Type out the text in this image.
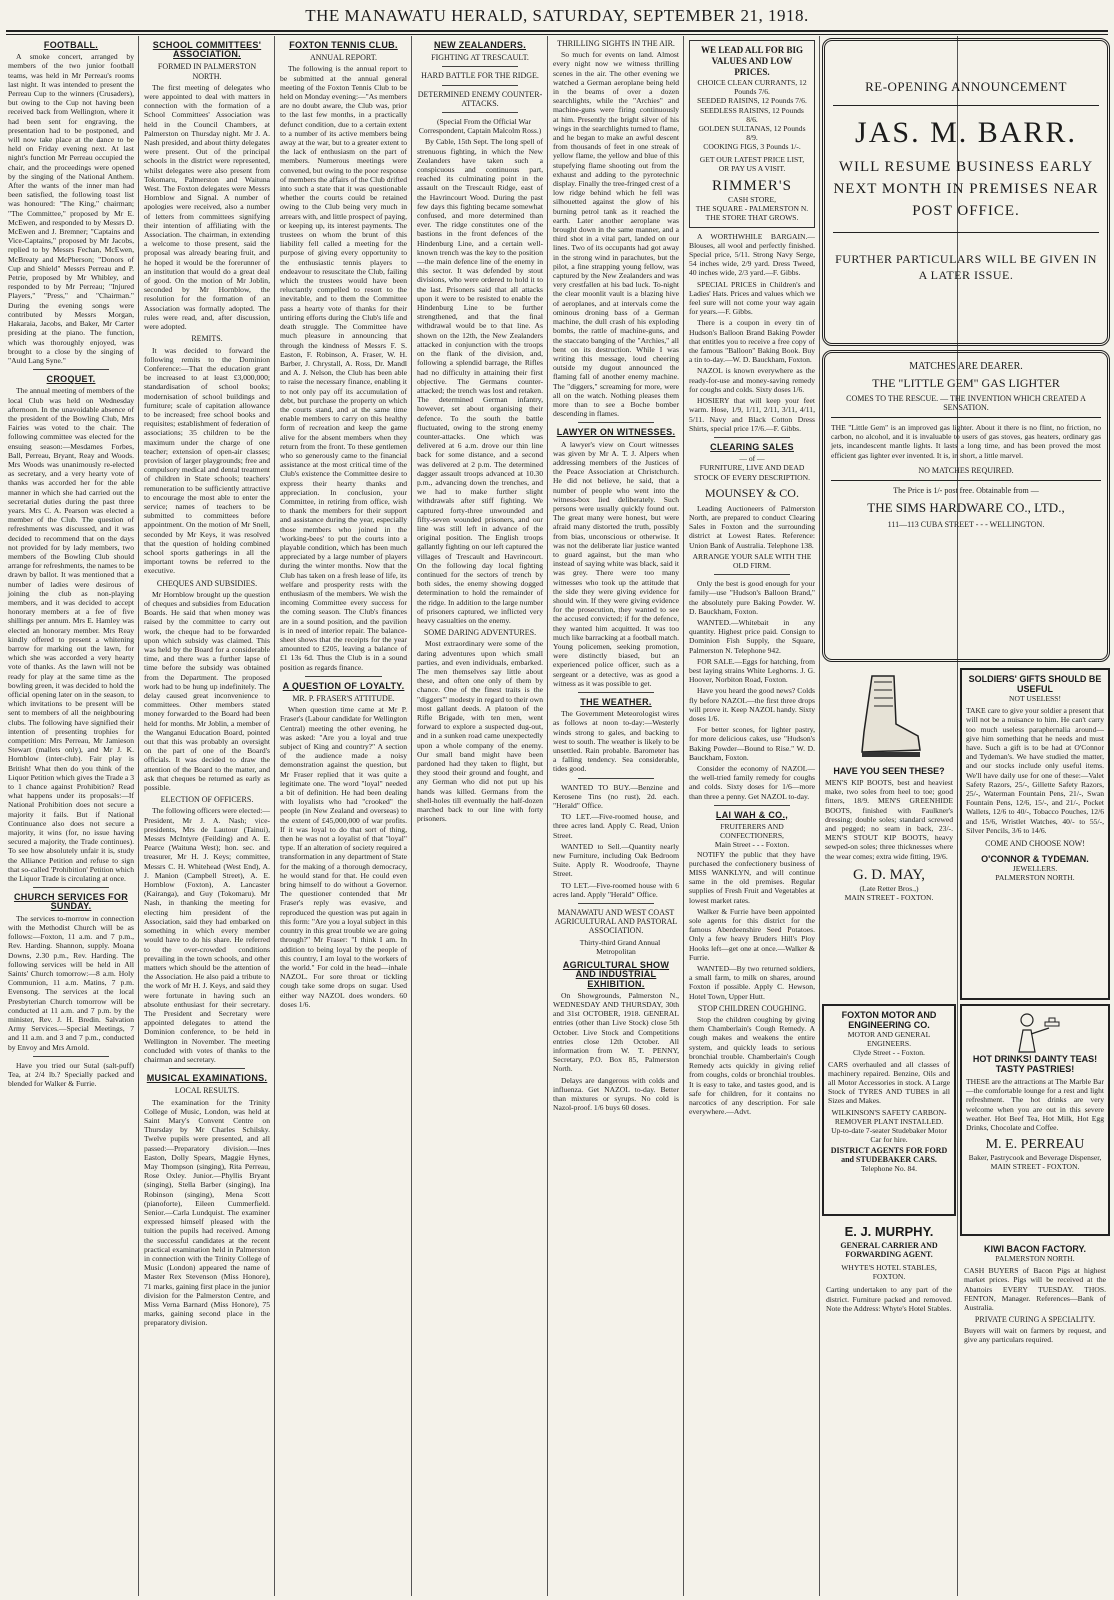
THE MANAWATU HERALD, SATURDAY, SEPTEMBER 21, 1918.
FOOTBALL.

A smoke concert, arranged by members of the two junior football teams, was held in Mr Perreau's rooms last night. It was intended to present the Perreau Cup to the winners (Crusaders), but owing to the Cup not having been received back from Wellington, where it had been sent for engraving, the presentation had to be postponed, and will now take place at the dance to be held on Friday evening next. At last night's function Mr Perreau occupied the chair, and the proceedings were opened by the singing of the National Anthem. After the wants of the inner man had been satisfied, the following toast list was honoured: "The King," chairman; "The Committee," proposed by Mr E. McEwen, and responded to by Messrs D. McEwen and J. Bremner; "Captains and Vice-Captains," proposed by Mr Jacobs, replied to by Messrs Fechan, McEwen, McBreaty and McPherson; "Donors of Cup and Shield" Messrs Perreau and P. Petrie, proposed by Mr Whibley, and responded to by Mr Perreau; "Injured Players," "Press," and "Chairman." During the evening songs were contributed by Messrs Morgan, Hakaraia, Jacobs, and Baker, Mr Carter presiding at the piano. The function, which was thoroughly enjoyed, was brought to a close by the singing of "Auld Lang Syne."

CROQUET.

The annual meeting of members of the local Club was held on Wednesday afternoon. In the unavoidable absence of the president of the Bowling Club, Mrs Fairies was voted to the chair. The following committee was elected for the ensuing season:—Mesdames Forbes, Ball, Perreau, Bryant, Reay and Woods. Mrs Woods was unanimously re-elected as secretary, and a very hearty vote of thanks was accorded her for the able manner in which she had carried out the secretarial duties during the past three years. Mrs C. A. Pearson was elected a member of the Club. The question of refreshments was discussed, and it was decided to recommend that on the days not provided for by lady members, two members of the Bowling Club should arrange for refreshments, the names to be drawn by ballot. It was mentioned that a number of ladies were desirous of joining the club as non-playing members, and it was decided to accept honorary members at a fee of five shillings per annum. Mrs E. Hamley was elected an honorary member. Mrs Reay kindly offered to present a whitening barrow for marking out the lawn, for which she was accorded a very hearty vote of thanks. As the lawn will not be ready for play at the same time as the bowling green, it was decided to hold the official opening later on in the season, to which invitations to be present will be sent to members of all the neighbouring clubs. The following have signified their intention of presenting trophies for competition: Mrs Perreau, Mr Jamieson Stewart (mallets only), and Mr J. K. Hornblow (inter-club). Fair play is British! What then do you think of the Liquor Petition which gives the Trade a 3 to 1 chance against Prohibition? Read what happens under its proposals:—If National Prohibition does not secure a majority it fails. But if National Continuance also does not secure a majority, it wins (for, no issue having secured a majority, the Trade continues). To see how absolutely unfair it is, study the Alliance Petition and refuse to sign that so-called 'Prohibition' Petition which the Liquor Trade is circulating at once.

CHURCH SERVICES FOR SUNDAY.

The services to-morrow in connection with the Methodist Church will be as follows:—Foxton, 11 a.m. and 7 p.m., Rev. Harding. Shannon, supply. Moana Downs, 2.30 p.m., Rev. Harding. The following services will be held in All Saints' Church tomorrow:—8 a.m. Holy Communion, 11 a.m. Matins, 7 p.m. Evensong. The services at the local Presbyterian Church tomorrow will be conducted at 11 a.m. and 7 p.m. by the minister, Rev. J. H. Bredin. Salvation Army Services.—Special Meetings, 7 and 11 a.m. and 3 and 7 p.m., conducted by Envoy and Mrs Arnold.

Have you tried our Sutal (salt-puff) Tea, at 2/4 lb.? Specially packed and blended for Walker & Furrie.

SCHOOL COMMITTEES' ASSOCIATION.
FORMED IN PALMERSTON NORTH.

The first meeting of delegates who were appointed to deal with matters in connection with the formation of a School Committees' Association was held in the Council Chambers, at Palmerston on Thursday night. Mr J. A. Nash presided, and about thirty delegates were present. Out of the principal schools in the district were represented, whilst delegates were also present from Tokomaru, Palmerston and Waituna West. The Foxton delegates were Messrs Hornblow and Signal. A number of apologies were received, also a number of letters from committees signifying their intention of affiliating with the Association. The chairman, in extending a welcome to those present, said the proposal was already bearing fruit, and he hoped it would be the forerunner of an institution that would do a great deal of good. On the motion of Mr Joblin, seconded by Mr Hornblow, the resolution for the formation of an Association was formally adopted. The rules were read, and, after discussion, were adopted.

REMITS.

It was decided to forward the following remits to the Dominion Conference:—That the education grant be increased to at least £3,000,000; standardisation of school books; modernisation of school buildings and furniture; scale of capitation allowance to be increased; free school books and requisites; establishment of federation of associations; 35 children to be the maximum under the charge of one teacher; extension of open-air classes; provision of larger playgrounds; free and compulsory medical and dental treatment of children in State schools; teachers' remuneration to be sufficiently attractive to encourage the most able to enter the service; names of teachers to be submitted to committees before appointment. On the motion of Mr Snell, seconded by Mr Keys, it was resolved that the question of holding combined school sports gatherings in all the important towns be referred to the executive.

CHEQUES AND SUBSIDIES.

Mr Hornblow brought up the question of cheques and subsidies from Education Boards. He said that when money was raised by the committee to carry out work, the cheque had to be forwarded upon which subsidy was claimed. This was held by the Board for a considerable time, and there was a further lapse of time before the subsidy was obtained from the Department. The proposed work had to be hung up indefinitely. The delay caused great inconvenience to committees. Other members stated money forwarded to the Board had been held for months. Mr Joblin, a member of the Wanganui Education Board, pointed out that this was probably an oversight on the part of one of the Board's officials. It was decided to draw the attention of the Board to the matter, and ask that cheques be returned as early as possible.

ELECTION OF OFFICERS.

The following officers were elected:—President, Mr J. A. Nash; vice-presidents, Mrs de Lautour (Tainui), Messrs McIntyre (Feilding) and A. E. Pearce (Waituna West); hon. sec. and treasurer, Mr H. J. Keys; committee, Messrs C. H. Whitehead (West End), A. J. Manion (Campbell Street), A. E. Hornblow (Foxton), A. Lancaster (Kairanga), and Guy (Tokomaru). Mr Nash, in thanking the meeting for electing him president of the Association, said they had embarked on something in which every member would have to do his share. He referred to the over-crowded conditions prevailing in the town schools, and other matters which should be the attention of the Association. He also paid a tribute to the work of Mr H. J. Keys, and said they were fortunate in having such an absolute enthusiast for their secretary. The President and Secretary were appointed delegates to attend the Dominion conference, to be held in Wellington in November. The meeting concluded with votes of thanks to the chairman and secretary.

MUSICAL EXAMINATIONS.
LOCAL RESULTS.

The examination for the Trinity College of Music, London, was held at Saint Mary's Convent Centre on Thursday by Mr Charles Schilsky. Twelve pupils were presented, and all passed:—Preparatory division.—Ines Easton, Dolly Spears, Maggie Hynes, May Thompson (singing), Rita Perreau, Rose Oxley. Junior.—Phyllis Bryant (singing), Stella Barber (singing), Ina Robinson (singing), Mena Scott (pianoforte), Eileen Cummerfield. Senior.—Carla Lundquist. The examiner expressed himself pleased with the tuition the pupils had received. Among the successful candidates at the recent practical examination held in Palmerston in connection with the Trinity College of Music (London) appeared the name of Master Rex Stevenson (Miss Honore), 71 marks, gaining first place in the junior division for the Palmerston Centre, and Miss Verna Barnard (Miss Honore), 75 marks, gaining second place in the preparatory division.

FOXTON TENNIS CLUB.
ANNUAL REPORT.

The following is the annual report to be submitted at the annual general meeting of the Foxton Tennis Club to be held on Monday evening:—"As members are no doubt aware, the Club was, prior to the last few months, in a practically defunct condition, due to a certain extent to a number of its active members being away at the war, but to a greater extent to the lack of enthusiasm on the part of members. Numerous meetings were convened, but owing to the poor response of members the affairs of the Club drifted into such a state that it was questionable whether the courts could be retained owing to the Club being very much in arrears with, and little prospect of paying, or keeping up, its interest payments. The trustees on whom the brunt of this liability fell called a meeting for the purpose of giving every opportunity to the enthusiastic tennis players to endeavour to resuscitate the Club, failing which the trustees would have been reluctantly compelled to resort to the inevitable, and to them the Committee pass a hearty vote of thanks for their untiring efforts during the Club's life and death struggle. The Committee have much pleasure in announcing that through the kindness of Messrs F. S. Easton, F. Robinson, A. Fraser, W. H. Barber, J. Chrystall, A. Ross, Dr. Mandl and A. J. Nelson, the Club has been able to raise the necessary finance, enabling it to not only pay off its accumulation of debt, but purchase the property on which the courts stand, and at the same time enable members to carry on this healthy form of recreation and keep the game alive for the absent members when they return from the front. To these gentlemen who so generously came to the financial assistance at the most critical time of the Club's existence the Committee desire to express their hearty thanks and appreciation. In conclusion, your Committee, in retiring from office, wish to thank the members for their support and assistance during the year, especially those members who joined in the 'working-bees' to put the courts into a playable condition, which has been much appreciated by a large number of players during the winter months. Now that the Club has taken on a fresh lease of life, its welfare and prosperity rests with the enthusiasm of the members. We wish the incoming Committee every success for the coming season. The Club's finances are in a sound position, and the pavilion is in need of interior repair. The balance-sheet shows that the receipts for the year amounted to £205, leaving a balance of £1 13s 6d. Thus the Club is in a sound position as regards finance.

A QUESTION OF LOYALTY.
MR. P. FRASER'S ATTITUDE.

When question time came at Mr P. Fraser's (Labour candidate for Wellington Central) meeting the other evening, he was asked: "Are you a loyal and true subject of King and country?" A section of the audience made a noisy demonstration against the question, but Mr Fraser replied that it was quite a legitimate one. The word "loyal" needed a bit of definition. He had been dealing with loyalists who had "crooked" the people (in New Zealand and overseas) to the extent of £45,000,000 of war profits. If it was loyal to do that sort of thing, then he was not a loyalist of that "loyal" type. If an alteration of society required a transformation in any department of State for the making of a thorough democracy, he would stand for that. He could even bring himself to do without a Governor. The questioner contended that Mr Fraser's reply was evasive, and reproduced the question was put again in this form: "Are you a loyal subject in this country in this great trouble we are going through?" Mr Fraser: "I think I am. In addition to being loyal by the people of this country, I am loyal to the workers of the world." For cold in the head—inhale NAZOL. For sore throat or tickling cough take some drops on sugar. Used either way NAZOL does wonders. 60 doses 1/6.

NEW ZEALANDERS.
FIGHTING AT TRESCAULT.
HARD BATTLE FOR THE RIDGE.
DETERMINED ENEMY COUNTER-ATTACKS.

(Special From the Official War Correspondent, Captain Malcolm Ross.)

By Cable, 15th Sept. The long spell of strenuous fighting, in which the New Zealanders have taken such a conspicuous and continuous part, reached its culminating point in the assault on the Trescault Ridge, east of the Havrincourt Wood. During the past few days this fighting became somewhat confused, and more determined than ever. The ridge constitutes one of the bastions in the front defences of the Hindenburg Line, and a certain well-known trench was the key to the position—the main defence line of the enemy in this sector. It was defended by stout divisions, who were ordered to hold it to the last. Prisoners said that all attacks upon it were to be resisted to enable the Hindenburg Line to be further strengthened, and that the final withdrawal would be to that line. As shown on the 12th, the New Zealanders attacked in conjunction with the troops on the flank of the division, and, following a splendid barrage, the Rifles had no difficulty in attaining their first objective. The Germans counter-attacked; the trench was lost and retaken. The determined German infantry, however, set about organising their defence. To the south the battle fluctuated, owing to the strong enemy counter-attacks. One which was delivered at 6 a.m. drove our thin line back for some distance, and a second was delivered at 2 p.m. The determined dagger assault troops advanced at 10.30 p.m., advancing down the trenches, and we had to make further slight withdrawals after stiff fighting. We captured forty-three unwounded and fifty-seven wounded prisoners, and our line was still left in advance of the original position. The English troops gallantly fighting on our left captured the villages of Trescault and Havrincourt. On the following day local fighting continued for the sectors of trench by both sides, the enemy showing dogged determination to hold the remainder of the ridge. In addition to the large number of prisoners captured, we inflicted very heavy casualties on the enemy.

SOME DARING ADVENTURES.

Most extraordinary were some of the daring adventures upon which small parties, and even individuals, embarked. The men themselves say little about these, and often one only of them by chance. One of the finest traits is the "diggers'" modesty in regard to their own most gallant deeds. A platoon of the Rifle Brigade, with ten men, went forward to explore a suspected dug-out, and in a sunken road came unexpectedly upon a whole company of the enemy. Our small band might have been pardoned had they taken to flight, but they stood their ground and fought, and any German who did not put up his hands was killed. Germans from the shell-holes till eventually the half-dozen marched back to our line with forty prisoners.

THRILLING SIGHTS IN THE AIR.

So much for events on land. Almost every night now we witness thrilling scenes in the air. The other evening we watched a German aeroplane being held in the beams of over a dozen searchlights, while the "Archies" and machine-guns were firing continuously at him. Presently the bright silver of his wings in the searchlights turned to flame, and he began to make an awful descent from thousands of feet in one streak of yellow flame, the yellow and blue of this stupefying flame shooting out from the exhaust and adding to the pyrotechnic display. Finally the tree-fringed crest of a low ridge behind which he fell was silhouetted against the glow of his burning petrol tank as it reached the earth. Later another aeroplane was brought down in the same manner, and a third shot in a vital part, landed on our lines. Two of its occupants had got away in the strong wind in parachutes, but the pilot, a fine strapping young fellow, was captured by the New Zealanders and was very crestfallen at his bad luck. To-night the clear moonlit vault is a blazing hive of aeroplanes, and at intervals come the ominous droning bass of a German machine, the dull crash of his exploding bombs, the rattle of machine-guns, and the staccato banging of the "Archies," all bent on its destruction. While I was writing this message, loud cheering outside my dugout announced the flaming fall of another enemy machine. The "diggers," screaming for more, were all on the watch. Nothing pleases them more than to see a Boche bomber descending in flames.

LAWYER ON WITNESSES.

A lawyer's view on Court witnesses was given by Mr A. T. J. Alpers when addressing members of the Justices of the Peace Association at Christchurch. He did not believe, he said, that a number of people who went into the witness-box lied deliberately. Such persons were usually quickly found out. The great many were honest, but were afraid many distorted the truth, possibly from bias, unconscious or otherwise. It was not the deliberate liar justice wanted to guard against, but the man who instead of saying white was black, said it was grey. There were too many witnesses who took up the attitude that the side they were giving evidence for should win. If they were giving evidence for the prosecution, they wanted to see the accused convicted; if for the defence, they wanted him acquitted. It was too much like barracking at a football match. Young policemen, seeking promotion, were distinctly biased, but an experienced police officer, such as a sergeant or a detective, was as good a witness as it was possible to get.

THE WEATHER.

The Government Meteorologist wires as follows at noon to-day:—Westerly winds strong to gales, and backing to west to south. The weather is likely to be unsettled. Rain probable. Barometer has a falling tendency. Sea considerable, tides good.

WANTED TO BUY.—Benzine and Kerosene Tins (no rust), 2d. each. "Herald" Office.

TO LET.—Five-roomed house, and three acres land. Apply C. Read, Union Street.

WANTED to Sell.—Quantity nearly new Furniture, including Oak Bedroom Suite. Apply R. Woodroofe, Thayne Street.

TO LET.—Five-roomed house with 6 acres land. Apply "Herald" Office.

MANAWATU AND WEST COAST AGRICULTURAL AND PASTORAL ASSOCIATION.

Thirty-third Grand Annual Metropolitan

AGRICULTURAL SHOW AND INDUSTRIAL EXHIBITION.

On Showgrounds, Palmerston N., WEDNESDAY AND THURSDAY, 30th and 31st OCTOBER, 1918. GENERAL entries (other than Live Stock) close 5th October. Live Stock and Competitions entries close 12th October. All information from W. T. PENNY, Secretary, P.O. Box 85, Palmerston North.

Delays are dangerous with colds and influenza. Get NAZOL to-day. Better than mixtures or syrups. No cold is Nazol-proof. 1/6 buys 60 doses.

WE LEAD ALL FOR BIG VALUES AND LOW PRICES.
CHOICE CLEAN CURRANTS, 12 Pounds 7/6.
SEEDED RAISINS, 12 Pounds 7/6.
SEEDLESS RAISINS, 12 Pounds 8/6.
GOLDEN SULTANAS, 12 Pounds 8/9.
COOKING FIGS, 3 Pounds 1/-.
GET OUR LATEST PRICE LIST, OR PAY US A VISIT.
RIMMER'S
CASH STORE,
THE SQUARE - PALMERSTON N.
THE STORE THAT GROWS.

A WORTHWHILE BARGAIN.—Blouses, all wool and perfectly finished. Special price, 5/11. Strong Navy Serge, 54 inches wide, 2/9 yard. Dress Tweed, 40 inches wide, 2/3 yard.—F. Gibbs.

SPECIAL PRICES in Children's and Ladies' Hats. Prices and values which we feel sure will not come your way again for years.—F. Gibbs.

There is a coupon in every tin of Hudson's Balloon Brand Baking Powder that entitles you to receive a free copy of the famous "Balloon" Baking Book. Buy a tin to-day.—W. D. Bauckham, Foxton.

NAZOL is known everywhere as the ready-for-use and money-saving remedy for coughs and colds. Sixty doses 1/6.

HOSIERY that will keep your feet warm. Hose, 1/9, 1/11, 2/11, 3/11, 4/11, 5/11. Navy and Black Cotton Dress Shirts, special price 17/6.—F. Gibbs.

CLEARING SALES
— of —
FURNITURE, LIVE AND DEAD STOCK OF EVERY DESCRIPTION.
MOUNSEY & CO.

Leading Auctioneers of Palmerston North, are prepared to conduct Clearing Sales in Foxton and the surrounding district at Lowest Rates. Reference: Union Bank of Australia. Telephone 138.

ARRANGE YOUR SALE WITH THE OLD FIRM.

Only the best is good enough for your family—use "Hudson's Balloon Brand," the absolutely pure Baking Powder. W. D. Bauckham, Foxton.

WANTED.—Whitebait in any quantity. Highest price paid. Consign to Dominion Fish Supply, the Square, Palmerston N. Telephone 942.

FOR SALE.—Eggs for hatching, from best laying strains White Leghorns. J. G. Hoover, Norbiton Road, Foxton.

Have you heard the good news? Colds fly before NAZOL—the first three drops will prove it. Keep NAZOL handy. Sixty doses 1/6.

For better scones, for lighter pastry, for more delicious cakes, use "Hudson's Baking Powder—Bound to Rise." W. D. Bauckham, Foxton.

Consider the economy of NAZOL—the well-tried family remedy for coughs and colds. Sixty doses for 1/6—more than three a penny. Get NAZOL to-day.

LAI WAH & CO.,
FRUITERERS AND CONFECTIONERS,
Main Street - - - Foxton.

NOTIFY the public that they have purchased the confectionery business of MISS WANKLYN, and will continue same in the old premises. Regular supplies of Fresh Fruit and Vegetables at lowest market rates.

Walker & Furrie have been appointed sole agents for this district for the famous Aberdeenshire Seed Potatoes. Only a few heavy Bruders Hill's Ploy Hooks left—get one at once.—Walker & Furrie.

WANTED—By two returned soldiers, a small farm, to milk on shares, around Foxton if possible. Apply C. Hewson, Hotel Town, Upper Hutt.

STOP CHILDREN COUGHING.

Stop the children coughing by giving them Chamberlain's Cough Remedy. A cough makes and weakens the entire system, and quickly leads to serious bronchial trouble. Chamberlain's Cough Remedy acts quickly in giving relief from coughs, colds or bronchial troubles. It is easy to take, and tastes good, and is safe for children, for it contains no narcotics of any description. For sale everywhere.—Advt.

RE-OPENING ANNOUNCEMENT
JAS. M. BARR.
WILL RESUME BUSINESS EARLY NEXT MONTH IN PREMISES NEAR POST OFFICE.
FURTHER PARTICULARS WILL BE GIVEN IN A LATER ISSUE.
MATCHES ARE DEARER.
THE "LITTLE GEM" GAS LIGHTER
COMES TO THE RESCUE. — THE INVENTION WHICH CREATED A SENSATION.
THE "Little Gem" is an improved gas lighter. About it there is no flint, no friction, no carbon, no alcohol, and it is invaluable to users of gas stoves, gas heaters, ordinary gas jets, incandescent mantle lights. It lasts a long time, and has been proved the most efficient gas lighter ever invented. It is, in short, a little marvel.
NO MATCHES REQUIRED.
The Price is 1/- post free. Obtainable from —
THE SIMS HARDWARE CO., LTD.,
111—113 CUBA STREET - - - WELLINGTON.
HAVE YOU SEEN THESE?
MEN'S KIP BOOTS, best and heaviest make, two soles from heel to toe; good fitters, 18/9. MEN'S GREENHIDE BOOTS, finished with Faulkner's dressing; double soles; standard screwed and pegged; no seam in back, 23/-. MEN'S STOUT KIP BOOTS, heavy sewped-on soles; three thicknesses where the wear comes; extra wide fitting, 19/6.
G. D. MAY,
(Late Retter Bros.,)
MAIN STREET - FOXTON.
SOLDIERS' GIFTS SHOULD BE USEFUL
NOT USELESS!
TAKE care to give your soldier a present that will not be a nuisance to him. He can't carry too much useless paraphernalia around—give him something that he needs and must have. Such a gift is to be had at O'Connor and Tydeman's. We have studied the matter, and our stocks include only useful items. We'll have daily use for one of these:—Valet Safety Razors, 25/-, Gillette Safety Razors, 25/-, Waterman Fountain Pens, 21/-, Swan Fountain Pens, 12/6, 15/-, and 21/-, Pocket Wallets, 12/6 to 40/-, Tobacco Pouches, 12/6 and 15/6, Wristlet Watches, 40/- to 55/-, Silver Pencils, 3/6 to 14/6.
COME AND CHOOSE NOW!
O'CONNOR & TYDEMAN.
JEWELLERS.
PALMERSTON NORTH.
FOXTON MOTOR AND ENGINEERING CO.
MOTOR AND GENERAL ENGINEERS.
Clyde Street - - Foxton.
CARS overhauled and all classes of machinery repaired. Benzine, Oils and all Motor Accessories in stock. A Large Stock of TYRES AND TUBES in all Sizes and Makes.
WILKINSON'S SAFETY CARBON-REMOVER PLANT INSTALLED.
Up-to-date 7-seater Studebaker Motor Car for hire.
DISTRICT AGENTS FOR FORD and STUDEBAKER CARS.
Telephone No. 84.
HOT DRINKS! DAINTY TEAS! TASTY PASTRIES!
THESE are the attractions at The Marble Bar—the comfortable lounge for a rest and light refreshment. The hot drinks are very welcome when you are out in this severe weather. Hot Beef Tea, Hot Milk, Hot Egg Drinks, Chocolate and Coffee.
M. E. PERREAU
Baker, Pastrycook and Beverage Dispenser,
MAIN STREET - FOXTON.
E. J. MURPHY.
GENERAL CARRIER AND FORWARDING AGENT.
WHYTE'S HOTEL STABLES, FOXTON.
Carting undertaken to any part of the district. Furniture packed and removed. Note the Address: Whyte's Hotel Stables.
KIWI BACON FACTORY.
PALMERSTON NORTH.
CASH BUYERS of Bacon Pigs at highest market prices. Pigs will be received at the Abattoirs EVERY TUESDAY. THOS. FENTON, Manager. References—Bank of Australia.
PRIVATE CURING A SPECIALITY.
Buyers will wait on farmers by request, and give any particulars required.
